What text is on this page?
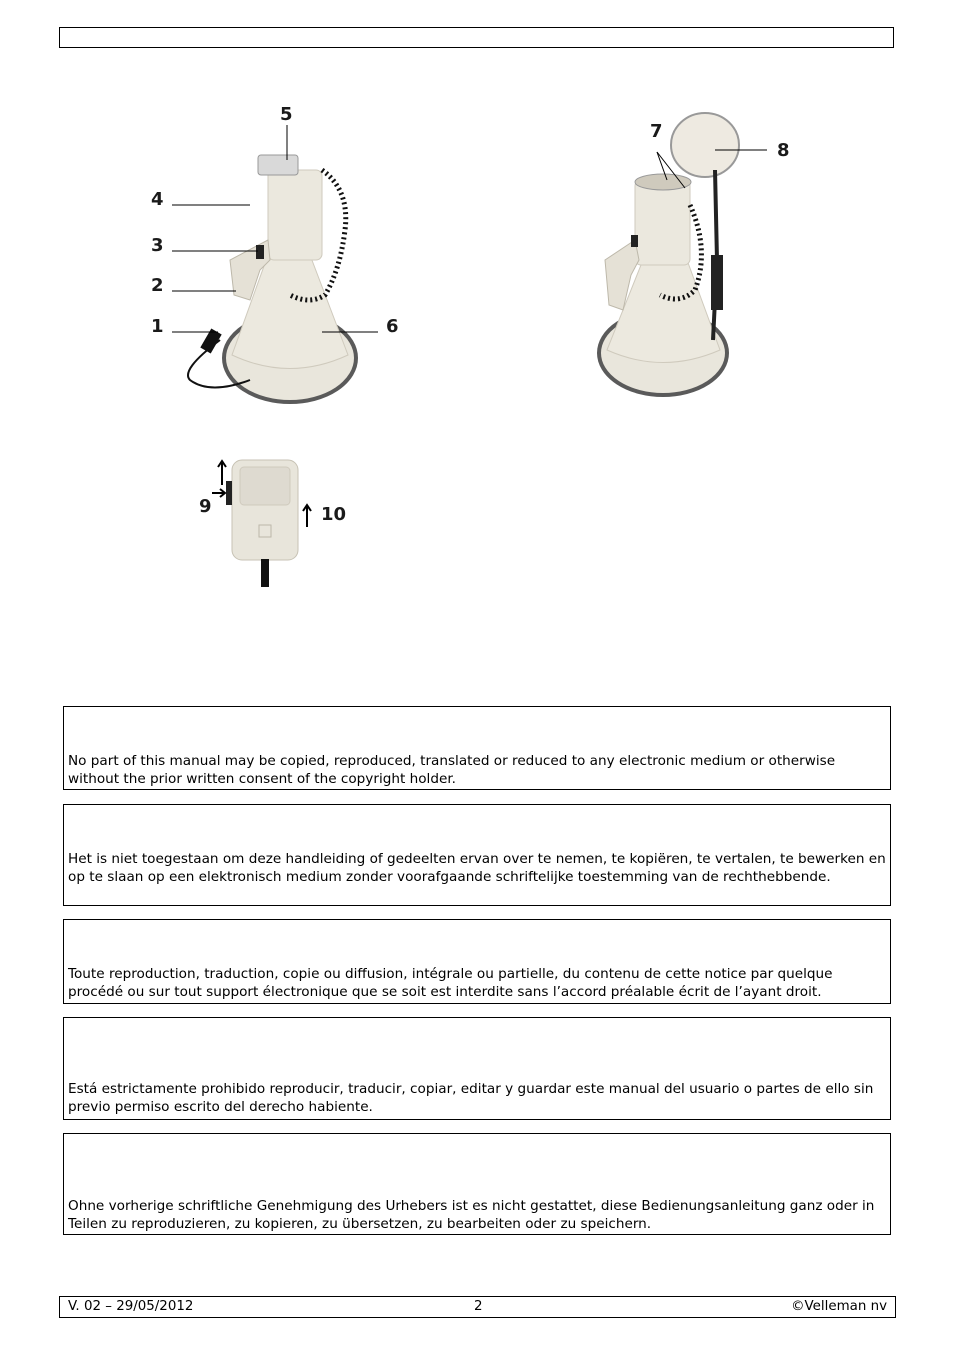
5
4
3
2
1	6
7
8
9	10

No part of this manual may be copied, reproduced, translated or reduced to any electronic medium or otherwise without the prior written consent of the copyright holder.

Het is niet toegestaan om deze handleiding of gedeelten ervan over te nemen, te kopiëren, te vertalen, te bewerken en op te slaan op een elektronisch medium zonder voorafgaande schriftelijke toestemming van de rechthebbende.

Toute reproduction, traduction, copie ou diffusion, intégrale ou partielle, du contenu de cette notice par quelque procédé ou sur tout support électronique que se soit est interdite sans l’accord préalable écrit de l’ayant droit.

Está estrictamente prohibido reproducir, traducir, copiar, editar y guardar este manual del usuario o partes de ello sin previo permiso escrito del derecho habiente.

Ohne vorherige schriftliche Genehmigung des Urhebers ist es nicht gestattet, diese Bedienungsanleitung ganz oder in Teilen zu reproduzieren, zu kopieren, zu übersetzen, zu bearbeiten oder zu speichern.

V. 02 – 29/05/2012	2	©Velleman nv
